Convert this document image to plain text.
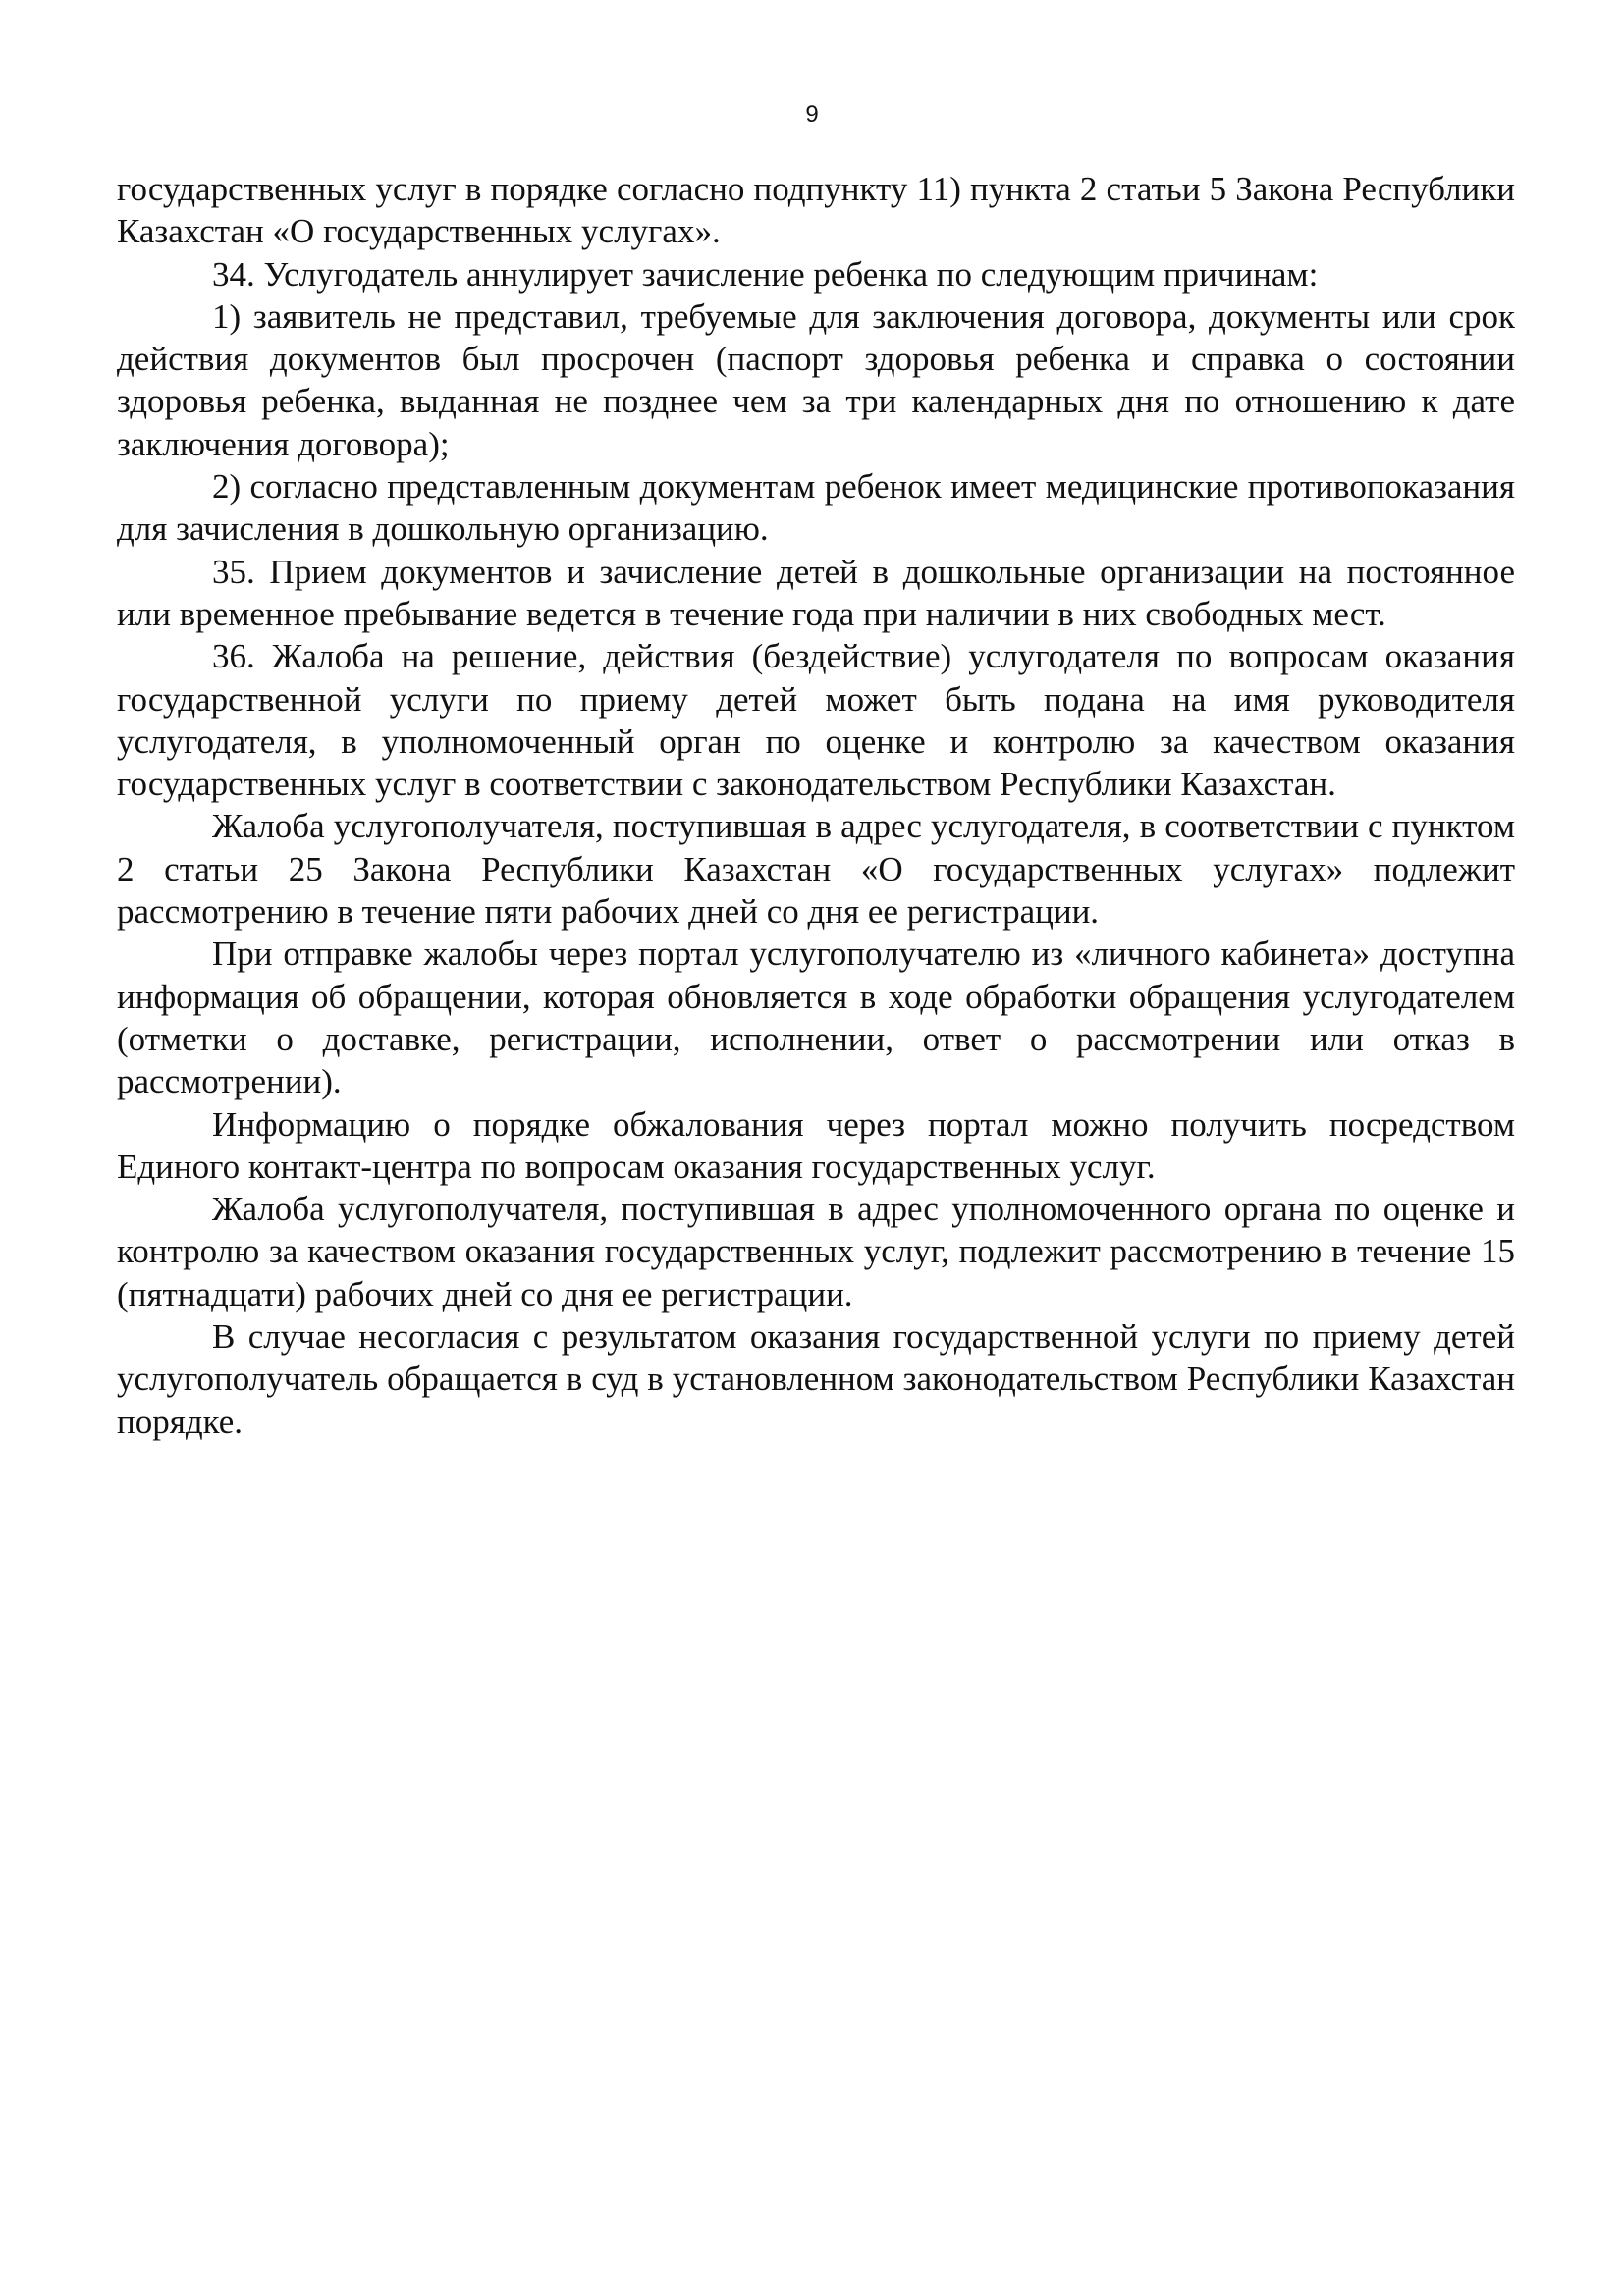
9

государственных услуг в порядке согласно подпункту 11) пункта 2 статьи 5 Закона Республики Казахстан «О государственных услугах».

34. Услугодатель аннулирует зачисление ребенка по следующим причинам:

1) заявитель не представил, требуемые для заключения договора, документы или срок действия документов был просрочен (паспорт здоровья ребенка и справка о состоянии здоровья ребенка, выданная не позднее чем за три календарных дня по отношению к дате заключения договора);

2) согласно представленным документам ребенок имеет медицинские противопоказания для зачисления в дошкольную организацию.

35. Прием документов и зачисление детей в дошкольные организации на постоянное или временное пребывание ведется в течение года при наличии в них свободных мест.

36. Жалоба на решение, действия (бездействие) услугодателя по вопросам оказания государственной услуги по приему детей может быть подана на имя руководителя услугодателя, в уполномоченный орган по оценке и контролю за качеством оказания государственных услуг в соответствии с законодательством Республики Казахстан.

Жалоба услугополучателя, поступившая в адрес услугодателя, в соответствии с пунктом 2 статьи 25 Закона Республики Казахстан «О государственных услугах» подлежит рассмотрению в течение пяти рабочих дней со дня ее регистрации.

При отправке жалобы через портал услугополучателю из «личного кабинета» доступна информация об обращении, которая обновляется в ходе обработки обращения услугодателем (отметки о доставке, регистрации, исполнении, ответ о рассмотрении или отказ в рассмотрении).

Информацию о порядке обжалования через портал можно получить посредством Единого контакт-центра по вопросам оказания государственных услуг.

Жалоба услугополучателя, поступившая в адрес уполномоченного органа по оценке и контролю за качеством оказания государственных услуг, подлежит рассмотрению в течение 15 (пятнадцати) рабочих дней со дня ее регистрации.

В случае несогласия с результатом оказания государственной услуги по приему детей услугополучатель обращается в суд в установленном законодательством Республики Казахстан порядке.
